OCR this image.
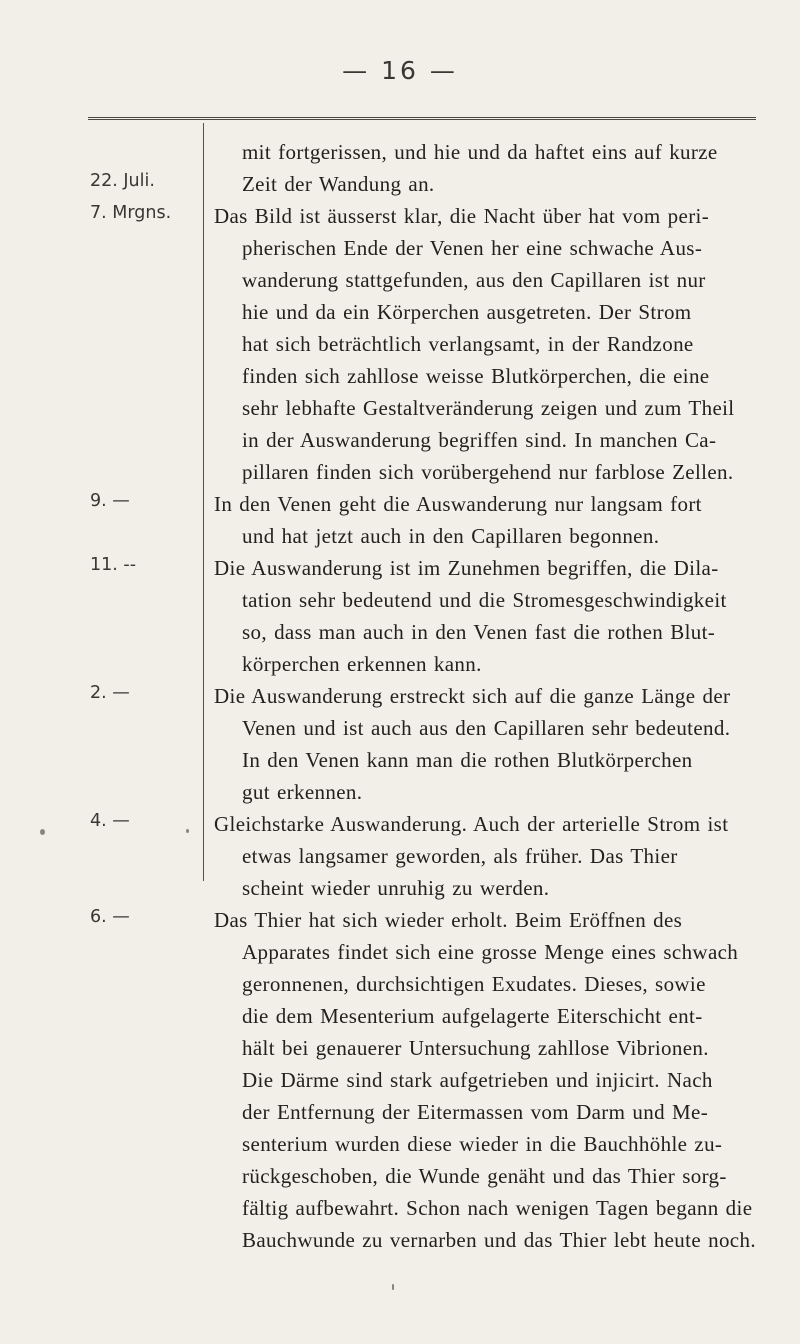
— 16 —
22. Juli.
7. Mrgns.
9. —
11. --
2. —
4. —
6. —
mit fortgerissen, und hie und da haftet eins auf kurze
Zeit der Wandung an.
Das Bild ist äusserst klar, die Nacht über hat vom peri-
pherischen Ende der Venen her eine schwache Aus-
wanderung stattgefunden, aus den Capillaren ist nur
hie und da ein Körperchen ausgetreten. Der Strom
hat sich beträchtlich verlangsamt, in der Randzone
finden sich zahllose weisse Blutkörperchen, die eine
sehr lebhafte Gestaltveränderung zeigen und zum Theil
in der Auswanderung begriffen sind. In manchen Ca-
pillaren finden sich vorübergehend nur farblose Zellen.
In den Venen geht die Auswanderung nur langsam fort
und hat jetzt auch in den Capillaren begonnen.
Die Auswanderung ist im Zunehmen begriffen, die Dila-
tation sehr bedeutend und die Stromesgeschwindigkeit
so, dass man auch in den Venen fast die rothen Blut-
körperchen erkennen kann.
Die Auswanderung erstreckt sich auf die ganze Länge der
Venen und ist auch aus den Capillaren sehr bedeutend.
In den Venen kann man die rothen Blutkörperchen
gut erkennen.
Gleichstarke Auswanderung. Auch der arterielle Strom ist
etwas langsamer geworden, als früher. Das Thier
scheint wieder unruhig zu werden.
Das Thier hat sich wieder erholt. Beim Eröffnen des
Apparates findet sich eine grosse Menge eines schwach
geronnenen, durchsichtigen Exudates. Dieses, sowie
die dem Mesenterium aufgelagerte Eiterschicht ent-
hält bei genauerer Untersuchung zahllose Vibrionen.
Die Därme sind stark aufgetrieben und injicirt. Nach
der Entfernung der Eitermassen vom Darm und Me-
senterium wurden diese wieder in die Bauchhöhle zu-
rückgeschoben, die Wunde genäht und das Thier sorg-
fältig aufbewahrt. Schon nach wenigen Tagen begann die
Bauchwunde zu vernarben und das Thier lebt heute noch.
